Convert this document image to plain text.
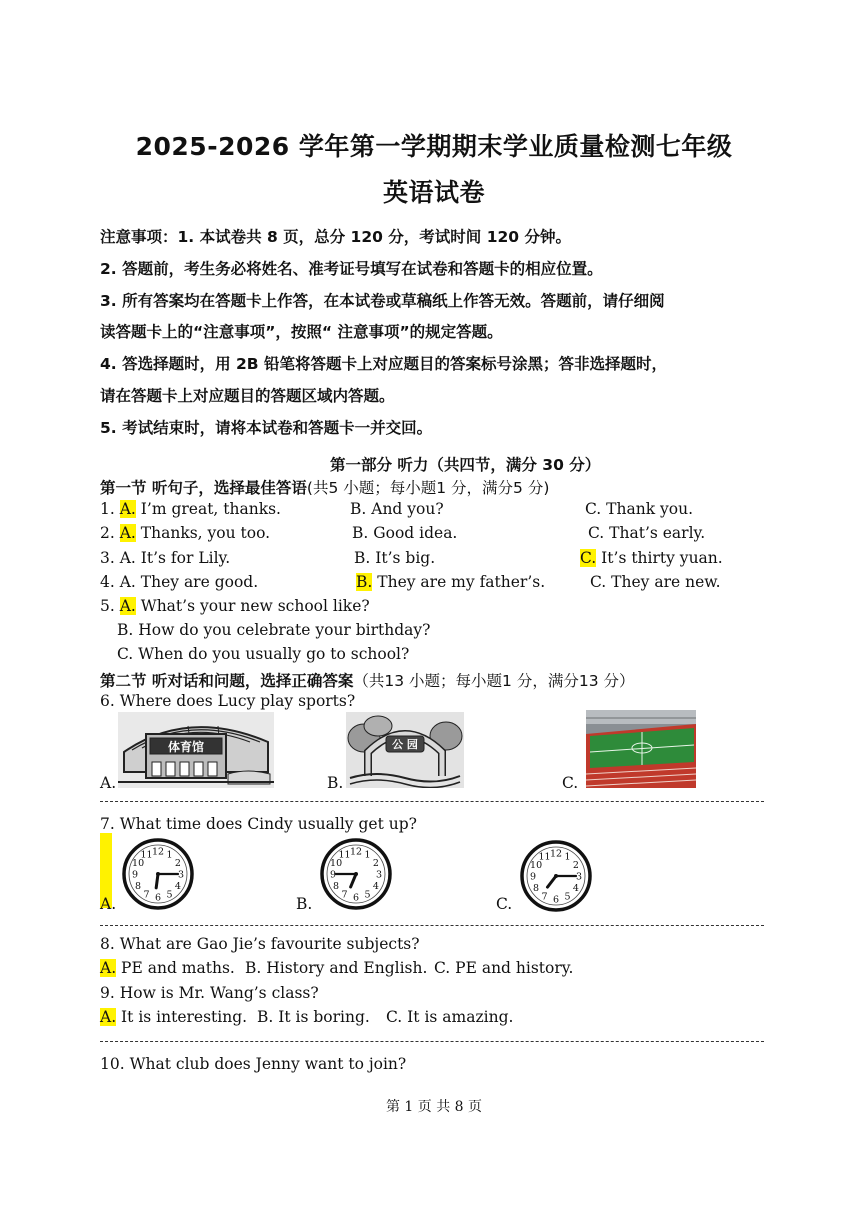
2025-2026 学年第一学期期末学业质量检测七年级
英语试卷
注意事项：1. 本试卷共 8 页，总分 120 分，考试时间 120 分钟。
2. 答题前，考生务必将姓名、准考证号填写在试卷和答题卡的相应位置。
3. 所有答案均在答题卡上作答，在本试卷或草稿纸上作答无效。答题前，请仔细阅
读答题卡上的“注意事项”，按照“ 注意事项”的规定答题。
4. 答选择题时，用 2B 铅笔将答题卡上对应题目的答案标号涂黑；答非选择题时，
请在答题卡上对应题目的答题区域内答题。
5. 考试结束时，请将本试卷和答题卡一并交回。
第一部分 听力（共四节，满分 30 分）
第一节 听句子，选择最佳答语(共5 小题；每小题1 分，满分5 分)
1. A. I’m great, thanks.	B. And you?	C. Thank you.
2. A. Thanks, you too.	B. Good idea.	C. That’s early.
3. A. It’s for Lily.	B. It’s big.	C. It’s thirty yuan.
4. A. They are good.	B. They are my father’s.	C. They are new.
5. A. What’s your new school like?
B. How do you celebrate your birthday?
C. When do you usually go to school?
第二节 听对话和问题，选择正确答案（共13 小题；每小题1 分，满分13 分）
6. Where does Lucy play sports?
A.
体育馆
B.
公 园
C.
7. What time does Cindy usually get up?
A.	B.	C.
12 1
2
3
4
5
6
7
8
9
10
11	12 1
2
3
4
5
6
7
8
9
10
11	12 1
2
3
4
5
6
7
8
9
10
11
8. What are Gao Jie’s favourite subjects?
A. PE and maths. B. History and English. C. PE and history.
9. How is Mr. Wang’s class?
A. It is interesting. B. It is boring. C. It is amazing.
10. What club does Jenny want to join?
第 1 页 共 8 页
